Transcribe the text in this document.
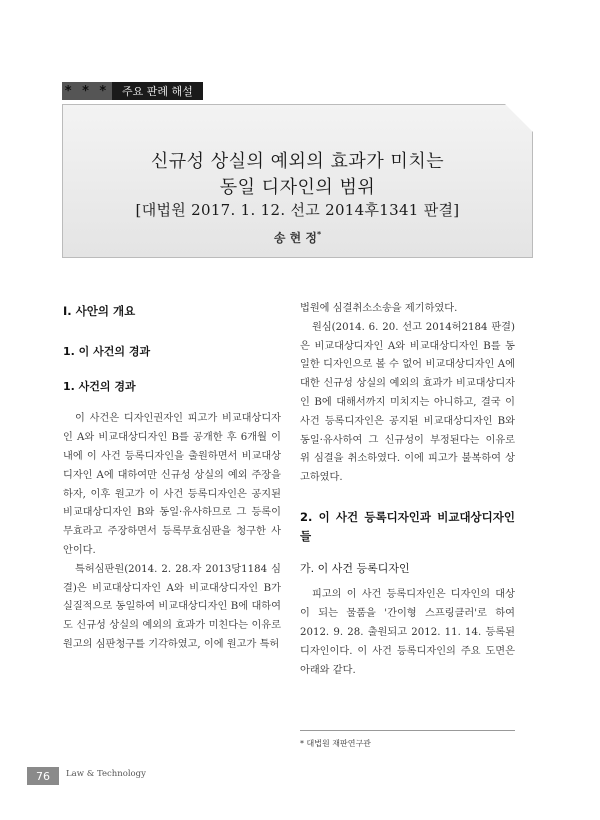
* * *	주요 판례 해설
신규성 상실의 예외의 효과가 미치는
동일 디자인의 범위
[대법원 2017. 1. 12. 선고 2014후1341 판결]
송 현 정*
I. 사안의 개요
1. 이 사건의 경과
1. 사건의 경과

이 사건은 디자인권자인 피고가 비교대상디자인 A와 비교대상디자인 B를 공개한 후 6개월 이내에 이 사건 등록디자인을 출원하면서 비교대상디자인 A에 대하여만 신규성 상실의 예외 주장을 하자, 이후 원고가 이 사건 등록디자인은 공지된 비교대상디자인 B와 동일·유사하므로 그 등록이 무효라고 주장하면서 등록무효심판을 청구한 사안이다.

특허심판원(2014. 2. 28.자 2013당1184 심결)은 비교대상디자인 A와 비교대상디자인 B가 실질적으로 동일하여 비교대상디자인 B에 대하여도 신규성 상실의 예외의 효과가 미친다는 이유로 원고의 심판청구를 기각하였고, 이에 원고가 특허

법원에 심결취소소송을 제기하였다.

원심(2014. 6. 20. 선고 2014허2184 판결)은 비교대상디자인 A와 비교대상디자인 B를 동일한 디자인으로 볼 수 없어 비교대상디자인 A에 대한 신규성 상실의 예외의 효과가 비교대상디자인 B에 대해서까지 미치지는 아니하고, 결국 이 사건 등록디자인은 공지된 비교대상디자인 B와 동일·유사하여 그 신규성이 부정된다는 이유로 위 심결을 취소하였다. 이에 피고가 불복하여 상고하였다.

2. 이 사건 등록디자인과 비교대상디자인들
가. 이 사건 등록디자인

피고의 이 사건 등록디자인은 디자인의 대상이 되는 물품을 '간이형 스프링클러'로 하여 2012. 9. 28. 출원되고 2012. 11. 14. 등록된 디자인이다. 이 사건 등록디자인의 주요 도면은 아래와 같다.

* 대법원 재판연구관
76	Law & Technology
